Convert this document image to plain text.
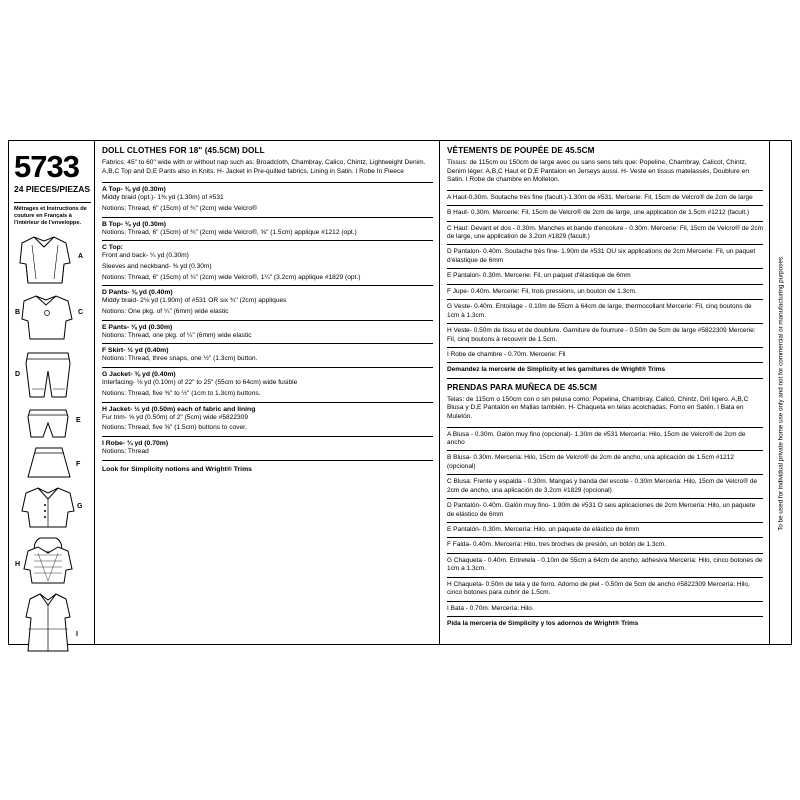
5733
24 PIECES/PIEZAS
Métrages et Instructions de couture en Français à l'intérieur de l'enveloppe.
A
B	C
D
E
F
G
H
I
DOLL CLOTHES FOR 18" (45.5CM) DOLL
Fabrics: 45" to 60" wide with or without nap such as: Broadcloth, Chambray, Calico, Chintz, Lightweight Denim. A,B,C Top and D,E Pants also in Knits. H- Jacket in Pre-quilted fabrics, Lining in Satin. I Robe In Fleece
A Top- ⅜ yd (0.30m)
Middy braid (opt.)- 1⅜ yd (1.30m) of #531
Notions: Thread, 6" (15cm) of ¾" (2cm) wide Velcro®
B Top- ⅜ yd (0.30m)
Notions: Thread, 6" (15cm) of ¾" (2cm) wide Velcro®, ⅝" (1.5cm) applique #1212 (opt.)
C Top:
Front and back- ¼ yd (0.30m)
Sleeves and neckband- ⅜ yd (0.30m)
Notions: Thread, 6" (15cm) of ¾" (2cm) wide Velcro®, 1¼" (3.2cm) applique #1829 (opt.)
D Pants- ⅜ yd (0.40m)
Middy braid- 2⅛ yd (1.90m) of #531 OR six ¾" (2cm) appliques
Notions: One pkg. of ¼" (6mm) wide elastic
E Pants- ⅜ yd (0.30m)
Notions: Thread, one pkg. of ¼" (6mm) wide elastic
F Skirt- ½ yd (0.40m)
Notions: Thread, three snaps, one ½" (1.3cm) button.
G Jacket- ⅜ yd (0.40m)
Interfacing- ⅛ yd (0.10m) of 22" to 25" (55cm to 64cm) wide fusible
Notions: Thread, five ⅜" to ½" (1cm to 1.3cm) buttons.
H Jacket- ½ yd (0.50m) each of fabric and lining
Fur trim- ⅝ yd (0.50m) of 2" (5cm) wide #5822309
Notions: Thread, five ⅝" (1.5cm) buttons to cover.
I Robe- ¾ yd (0.70m)
Notions: Thread
Look for Simplicity notions and Wright® Trims
VÊTEMENTS DE POUPÉE DE 45.5CM
Tissus: de 115cm ou 150cm de large avec ou sans sens tels que: Popeline, Chambray, Calicot, Chintz, Denim léger. A,B,C Haut et D,E Pantalon en Jerseys aussi. H- Veste en tissus matelassés, Doublure en Satin. I Robe de chambre en Molleton.
A Haut-0.30m. Soutache très fine (facult.)-1.30m de #531. Mercerie: Fil, 15cm de Velcro® de 2cm de large
B Haut- 0.30m. Mercerie: Fil, 15cm de Velcro® de 2cm de large, une application de 1.5cm #1212 (facult.)
C Haut: Devant et dos - 0.30m. Manches et bande d'encolure - 0.30m. Mercerie: Fil, 15cm de Velcro® de 2cm de large, une application de 3.2cm #1829 (facult.)
D Pantalon- 0.40m. Soutache très fine- 1.90m de #531 OU six applications de 2cm Mercerie: Fil, un paquet d'élastique de 6mm
E Pantalon- 0.30m. Mercerie: Fil, un paquet d'élastique de 6mm
F Jupe- 0.40m. Mercerie: Fil, trois pressions, un bouton de 1.3cm.
G Veste- 0.40m. Entoilage - 0.10m de 55cm à 64cm de large, thermocollant Mercerie: Fil, cinq boutons de 1cm à 1.3cm.
H Veste- 0.50m de tissu et de doublure. Garniture de fourrure - 0.50m de 5cm de large #5822309 Mercerie: Fil, cinq boutons à recouvrir de 1.5cm.
I Robe de chambre - 0.70m. Mercerie: Fil
Demandez la mercerie de Simplicity et les garnitures de Wright® Trims
PRENDAS PARA MUÑECA DE 45.5CM
Telas: de 115cm o 150cm con o sin pelusa como: Popelina, Chambray, Calicó, Chintz, Dril ligero. A,B,C Blusa y D,E Pantalón en Mallas también. H- Chaqueta en telas acolchadas. Forro en Satén. I Bata en Muletón.
A Blusa - 0.30m. Galón muy fino (opcional)- 1.30m de #531 Mercería: Hilo, 15cm de Velcro® de 2cm de ancho
B Blusa- 0.30m. Mercería: Hilo, 15cm de Velcro® de 2cm de ancho, una aplicación de 1.5cm #1212 (opcional)
C Blusa: Frente y espalda - 0.30m. Mangas y banda del escote - 0.30m Mercería: Hilo, 15cm de Velcro® de 2cm de ancho, una aplicación de 3.2cm #1829 (opcional)
D Pantalón- 0.40m. Galón muy fino- 1.90m de #531 O seis aplicaciones de 2cm Mercería: Hilo, un paquete de elástico de 6mm
E Pantalón- 0.30m. Mercería: Hilo, un paquete de elástico de 6mm
F Falda- 0.40m. Mercería: Hilo, tres broches de presión, un botón de 1.3cm.
G Chaqueta - 0.40m. Entretela - 0.10m de 55cm a 64cm de ancho, adhesiva Mercería: Hilo, cinco botones de 1cm a 1.3cm.
H Chaqueta- 0.50m de tela y de forro. Adorno de piel - 0.50m de 5cm de ancho #5822309 Mercería: Hilo, cinco botones para cubrir de 1.5cm.
I Bata - 0.70m. Mercería: Hilo.
Pida la mercería de Simplicity y los adornos de Wright® Trims
To be used for individual private home use only and not for commercial or manufacturing purposes.
